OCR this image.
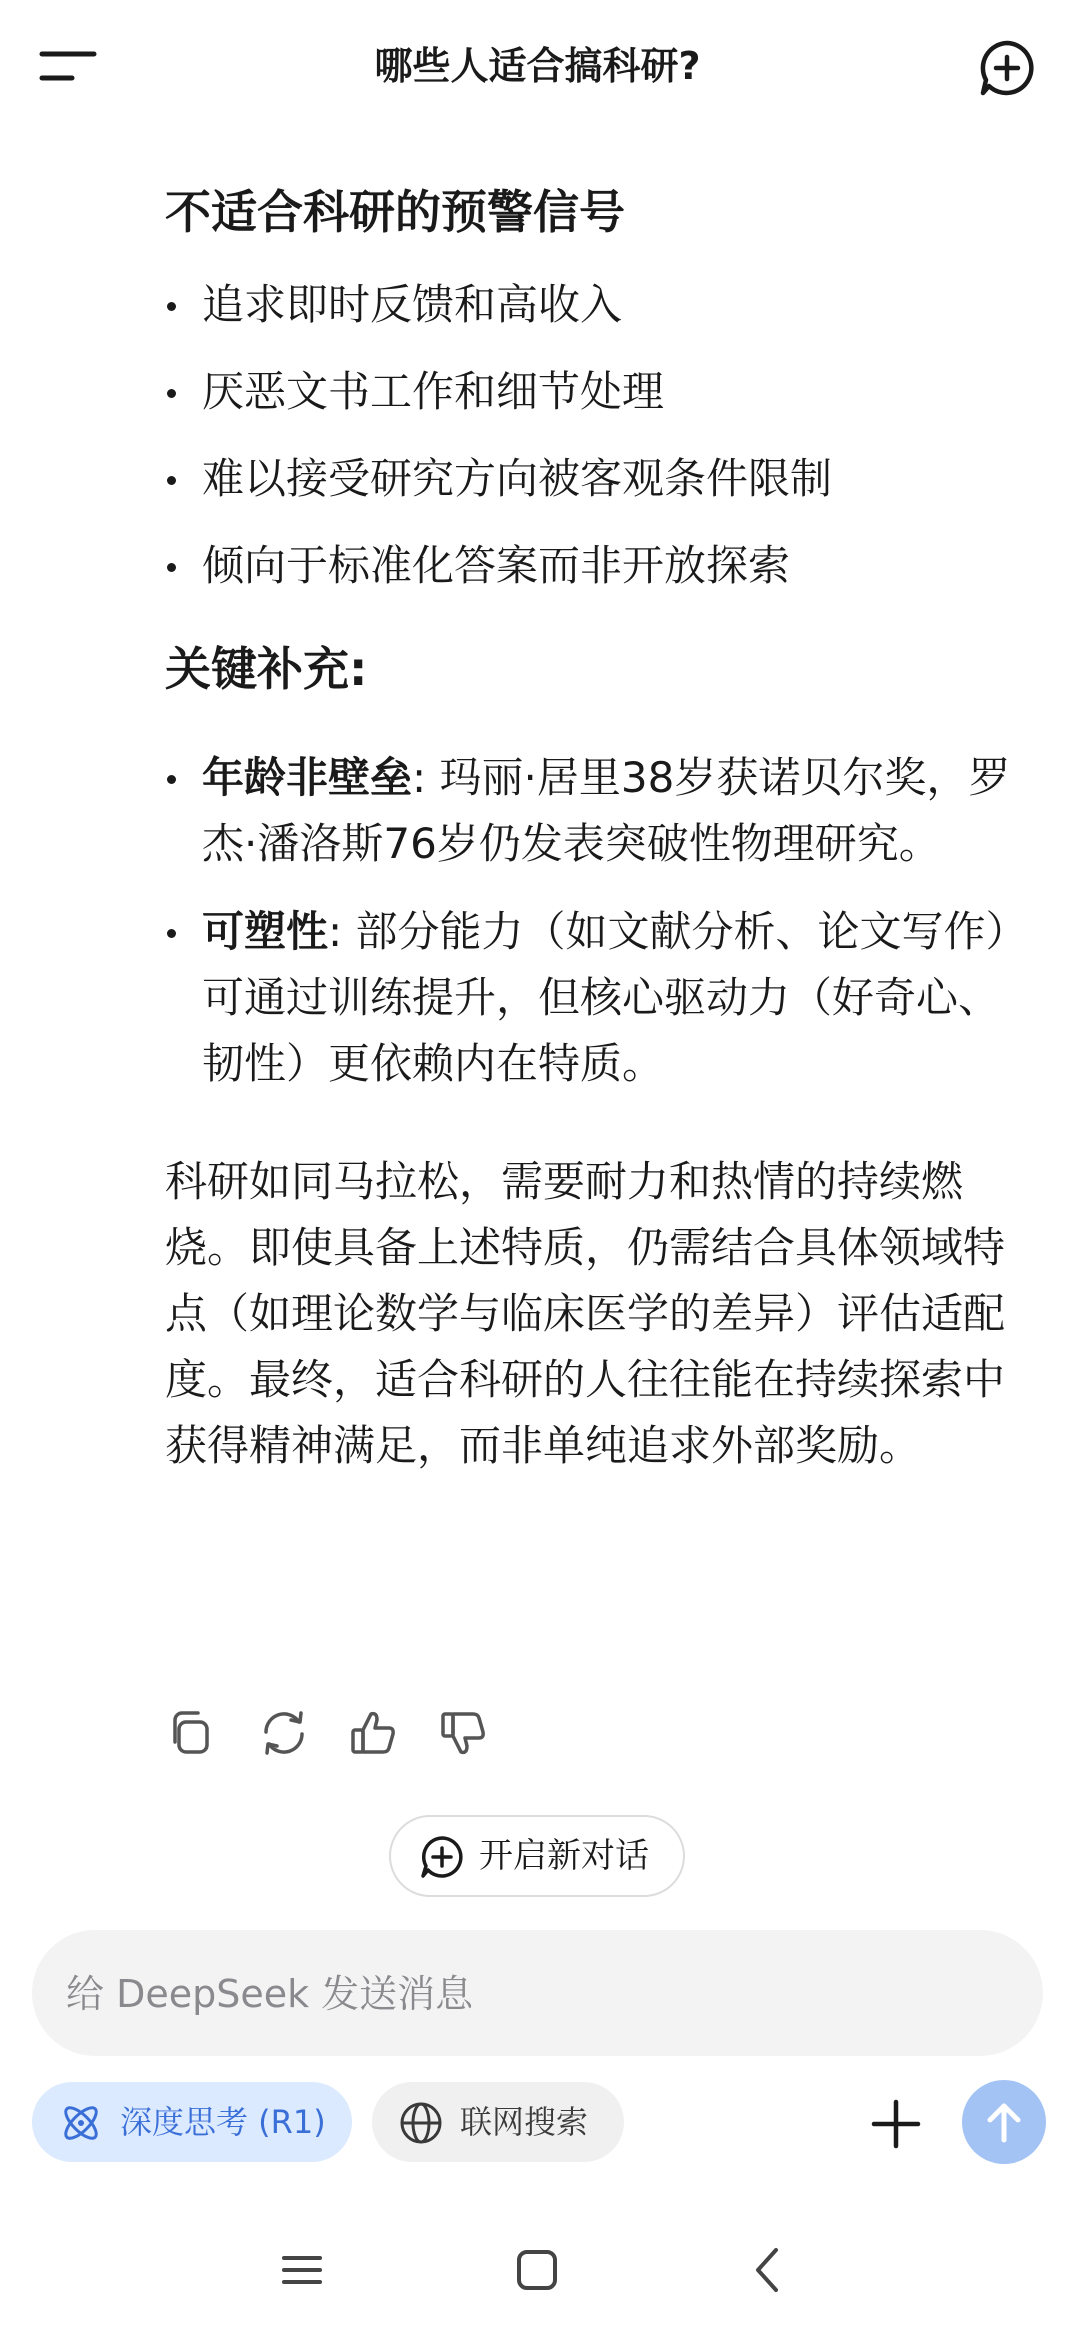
哪些人适合搞科研?
不适合科研的预警信号
追求即时反馈和高收入
厌恶文书工作和细节处理
难以接受研究方向被客观条件限制
倾向于标准化答案而非开放探索
关键补充:
年龄非壁垒: 玛丽·居里38岁获诺贝尔奖，罗杰·潘洛斯76岁仍发表突破性物理研究。
可塑性: 部分能力（如文献分析、论文写作）可通过训练提升，但核心驱动力（好奇心、韧性）更依赖内在特质。

科研如同马拉松，需要耐力和热情的持续燃烧。即使具备上述特质，仍需结合具体领域特点（如理论数学与临床医学的差异）评估适配度。最终，适合科研的人往往能在持续探索中获得精神满足，而非单纯追求外部奖励。

开启新对话
给 DeepSeek 发送消息
深度思考 (R1)	联网搜索
